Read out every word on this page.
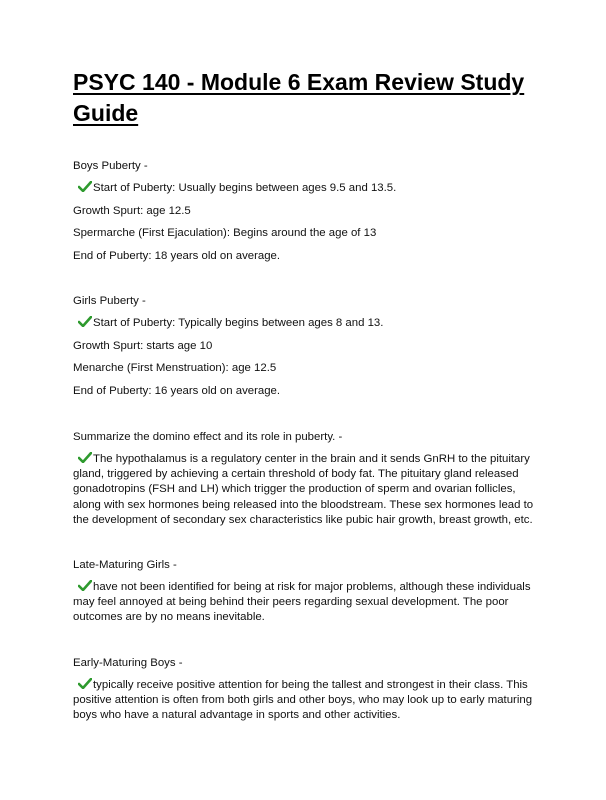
PSYC 140 - Module 6 Exam Review Study Guide
Boys Puberty -
Start of Puberty: Usually begins between ages 9.5 and 13.5.
Growth Spurt: age 12.5
Spermarche (First Ejaculation): Begins around the age of 13
End of Puberty: 18 years old on average.
Girls Puberty -
Start of Puberty: Typically begins between ages 8 and 13.
Growth Spurt: starts age 10
Menarche (First Menstruation): age 12.5
End of Puberty: 16 years old on average.
Summarize the domino effect and its role in puberty. -
The hypothalamus is a regulatory center in the brain and it sends GnRH to the pituitary gland, triggered by achieving a certain threshold of body fat. The pituitary gland released gonadotropins (FSH and LH) which trigger the production of sperm and ovarian follicles, along with sex hormones being released into the bloodstream. These sex hormones lead to the development of secondary sex characteristics like pubic hair growth, breast growth, etc.
Late-Maturing Girls -
have not been identified for being at risk for major problems, although these individuals may feel annoyed at being behind their peers regarding sexual development. The poor outcomes are by no means inevitable.
Early-Maturing Boys -
typically receive positive attention for being the tallest and strongest in their class. This positive attention is often from both girls and other boys, who may look up to early maturing boys who have a natural advantage in sports and other activities.
